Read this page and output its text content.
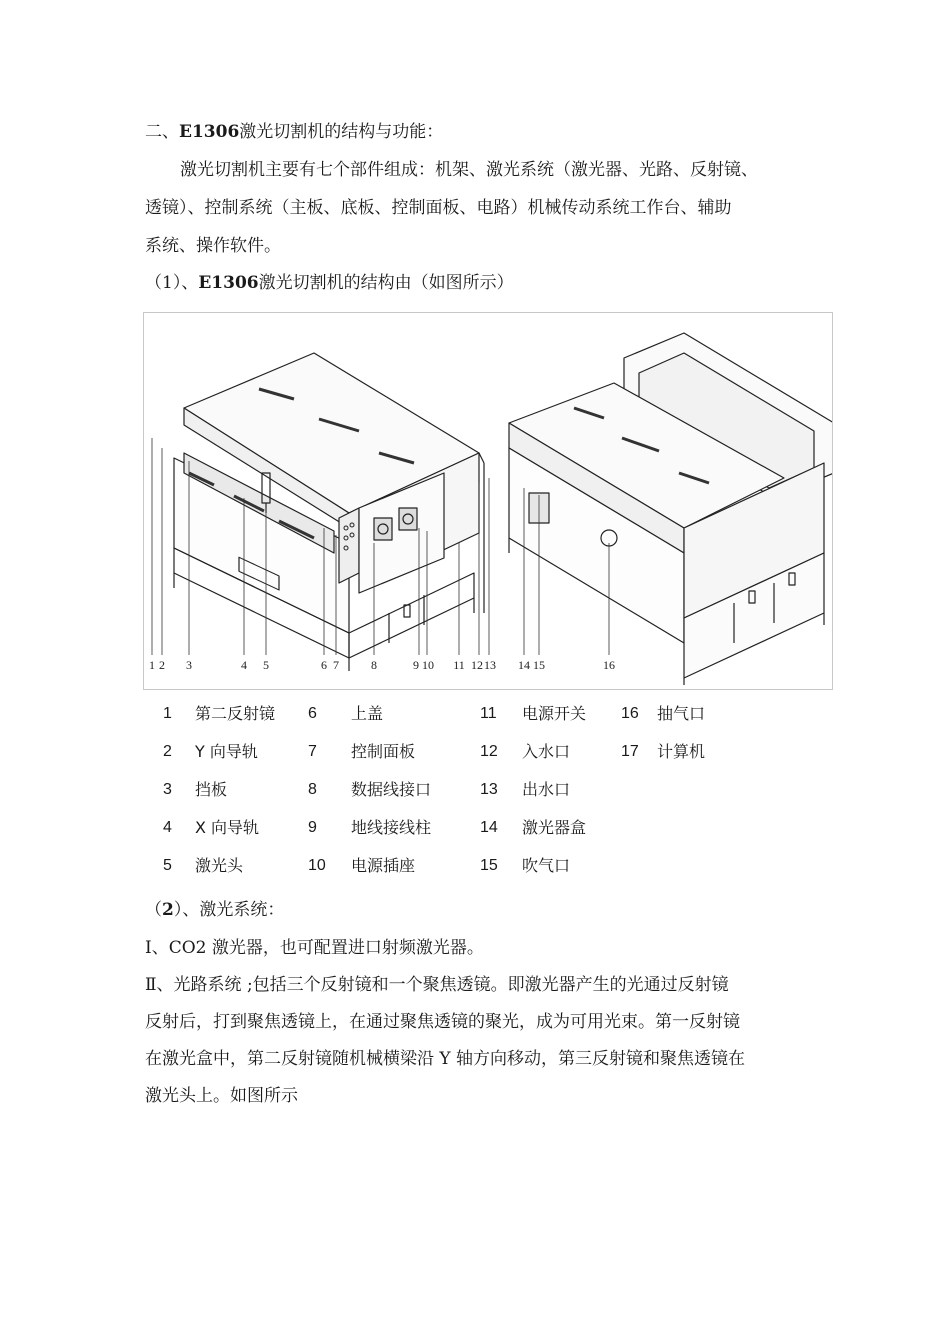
二、E1306激光切割机的结构与功能：
激光切割机主要有七个部件组成：机架、激光系统（激光器、光路、反射镜、
透镜）、控制系统（主板、底板、控制面板、电路）机械传动系统工作台、辅助
系统、操作软件。
（1）、E1306激光切割机的结构由（如图所示）
1 2 3	4 5	6 7	8	9 10 11 12 13 14 15	16
1 第二反射镜 6 上盖	11 电源开关 16 抽气口
2 Y 向导轨	7 控制面板	12 入水口	17 计算机
3 挡板	8 数据线接口	13 出水口
4 X 向导轨	9 地线接线柱	14 激光器盒
5 激光头	10 电源插座	15 吹气口
（2）、激光系统：
Ⅰ、CO2 激光器，也可配置进口射频激光器。
Ⅱ、光路系统 ;包括三个反射镜和一个聚焦透镜。即激光器产生的光通过反射镜
反射后，打到聚焦透镜上，在通过聚焦透镜的聚光，成为可用光束。第一反射镜
在激光盒中，第二反射镜随机械横梁沿 Y 轴方向移动，第三反射镜和聚焦透镜在
激光头上。如图所示
